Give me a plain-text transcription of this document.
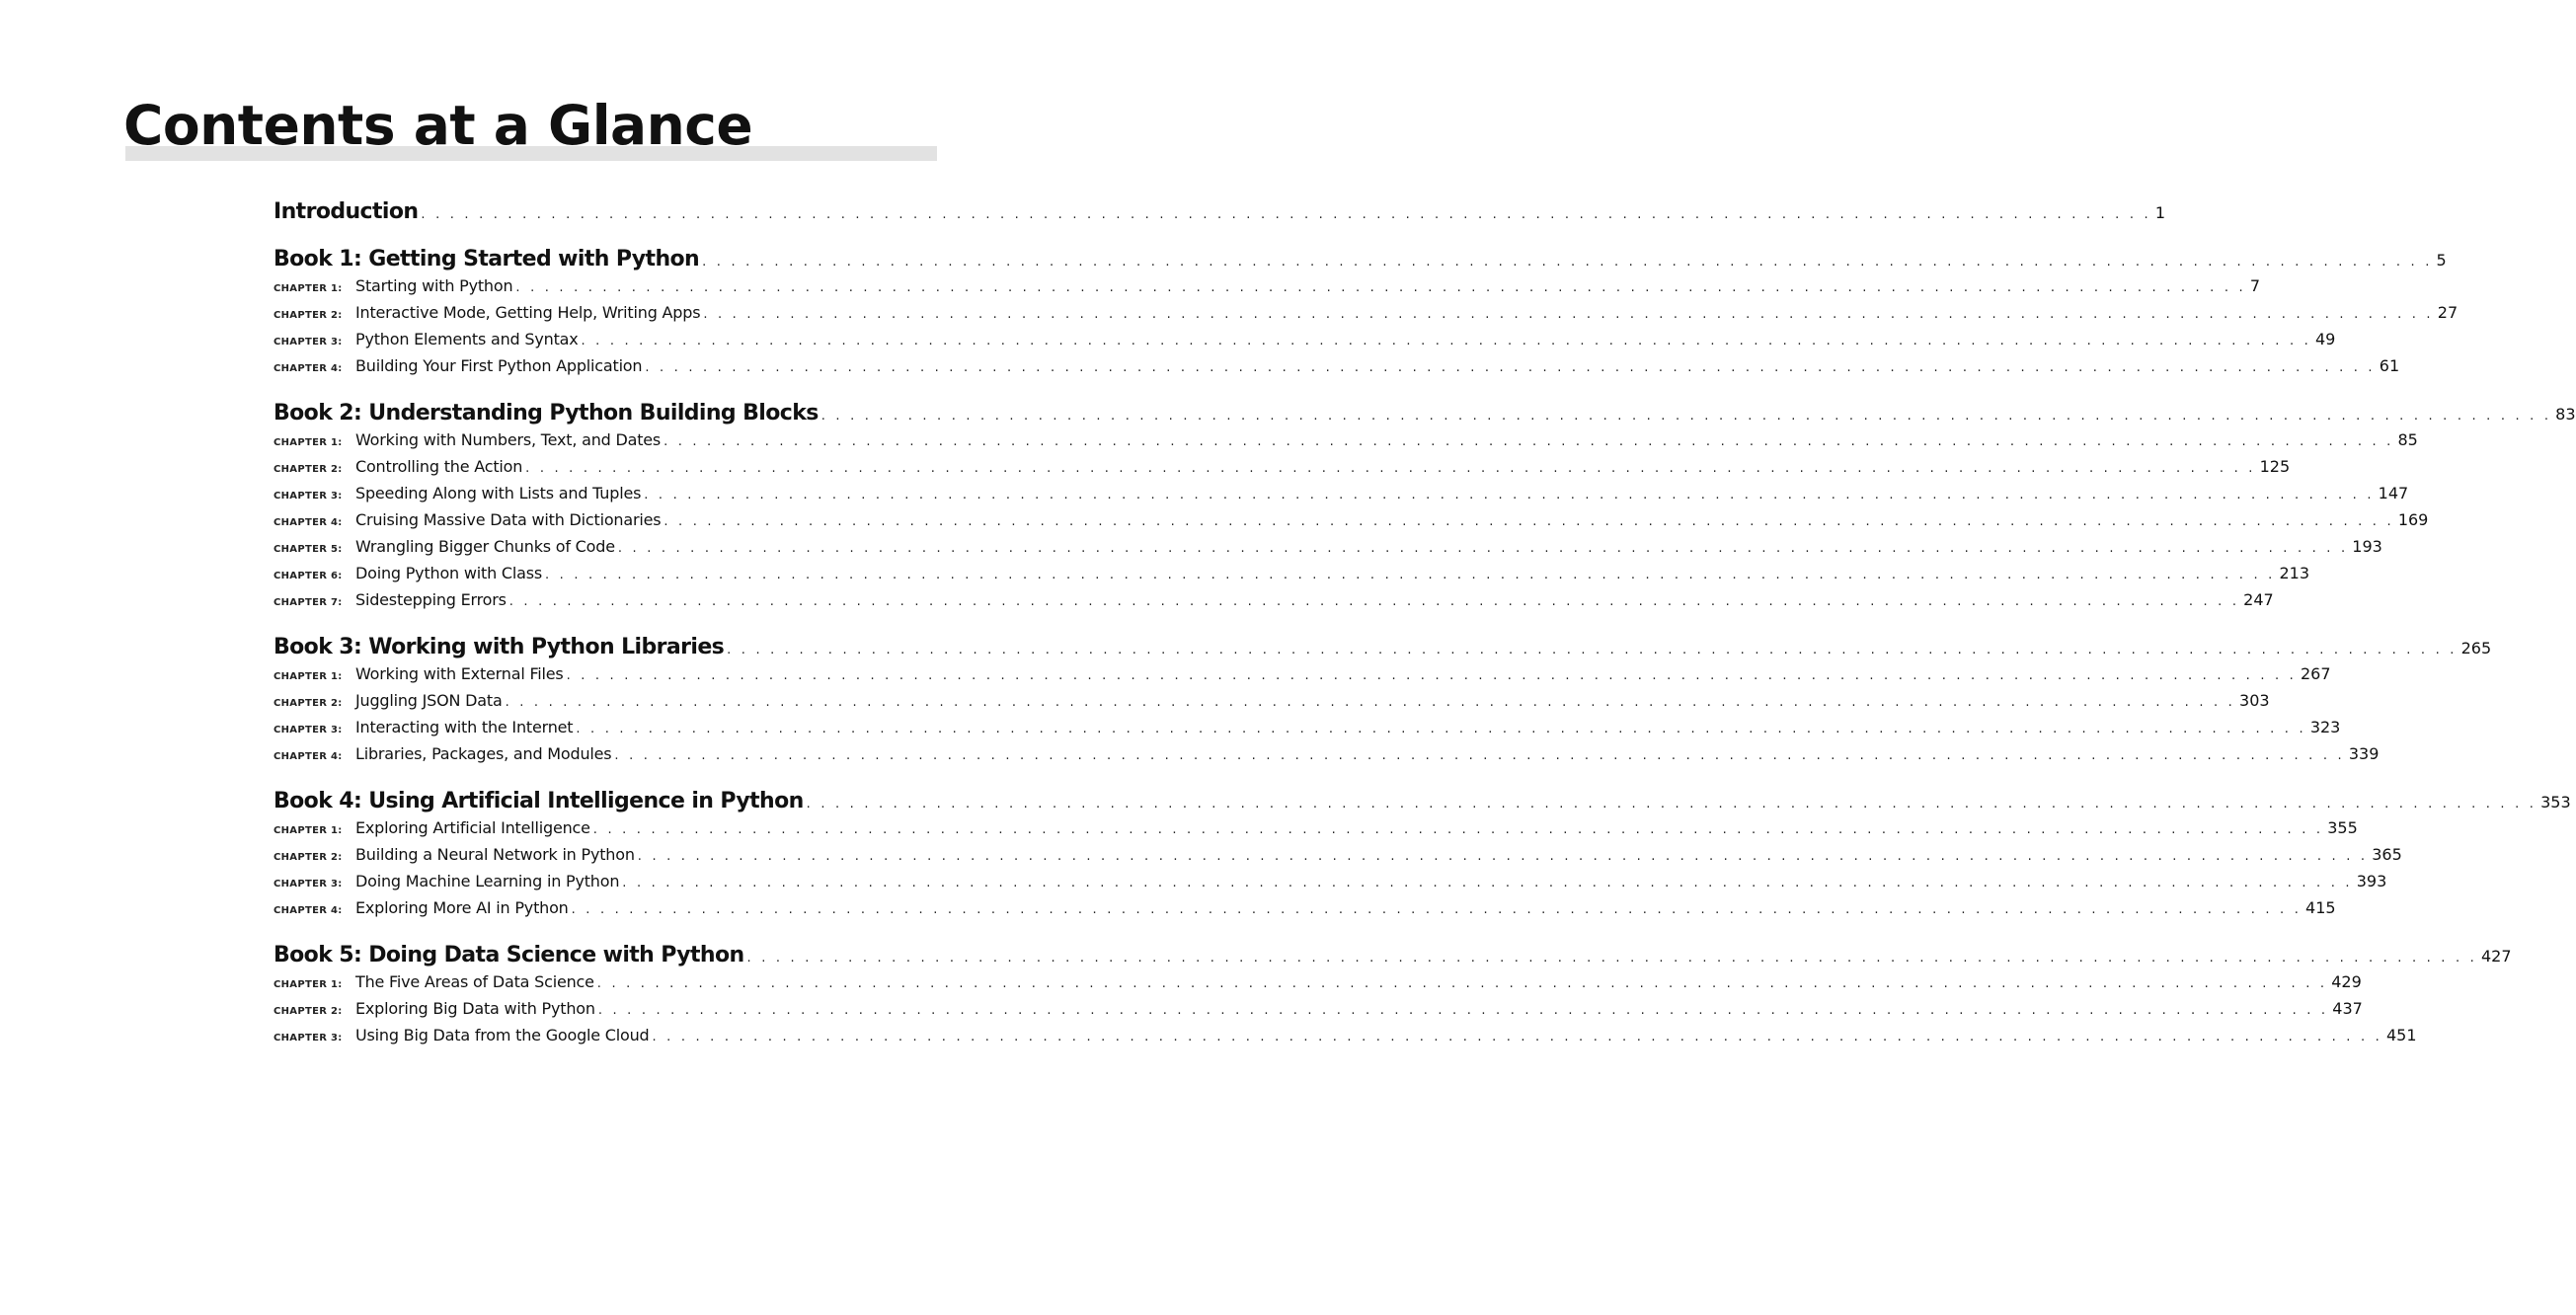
Contents at a Glance
Introduction . . . . . . . . . . . . . . . . . . . . . . . . . . . . . . . . . . . . . . . . . . . . . . . . . . . . . . . . . . . . . . . . . . . . . . . . . . . . . . . . . . . . . . . . . . . . . . . . . . . . . . . . . . . . . . . . . . . . . . . . 1
Book 1: Getting Started with Python . . . . . . . . . . . . . . . . . . . . . . . . . . . . . . . . . . . . . . . . . . . . . . . . . . . . . . . . . . . . . . . . . . . . . . . . . . . . . . . . . . . . . . . . . . . . . . . . . . . . . . . . . . . . . . . . . . . . . . . . 5
CHAPTER 1: Starting with Python . . . . . . . . . . . . . . . . . . . . . . . . . . . . . . . . . . . . . . . . . . . . . . . . . . . . . . . . . . . . . . . . . . . . . . . . . . . . . . . . . . . . . . . . . . . . . . . . . . . . . . . . . . . . . . . . . . . . . . . . 7
CHAPTER 2: Interactive Mode, Getting Help, Writing Apps . . . . . . . . . . . . . . . . . . . . . . . . . . . . . . . . . . . . . . . . . . . . . . . . . . . . . . . . . . . . . . . . . . . . . . . . . . . . . . . . . . . . . . . . . . . . . . . . . . . . . . . . . . . . . . . . . . . . . . . . 27
CHAPTER 3: Python Elements and Syntax . . . . . . . . . . . . . . . . . . . . . . . . . . . . . . . . . . . . . . . . . . . . . . . . . . . . . . . . . . . . . . . . . . . . . . . . . . . . . . . . . . . . . . . . . . . . . . . . . . . . . . . . . . . . . . . . . . . . . . . . 49
CHAPTER 4: Building Your First Python Application . . . . . . . . . . . . . . . . . . . . . . . . . . . . . . . . . . . . . . . . . . . . . . . . . . . . . . . . . . . . . . . . . . . . . . . . . . . . . . . . . . . . . . . . . . . . . . . . . . . . . . . . . . . . . . . . . . . . . . . . 61
Book 2: Understanding Python Building Blocks . . . . . . . . . . . . . . . . . . . . . . . . . . . . . . . . . . . . . . . . . . . . . . . . . . . . . . . . . . . . . . . . . . . . . . . . . . . . . . . . . . . . . . . . . . . . . . . . . . . . . . . . . . . . . . . . . . . . . . . . 83
CHAPTER 1: Working with Numbers, Text, and Dates . . . . . . . . . . . . . . . . . . . . . . . . . . . . . . . . . . . . . . . . . . . . . . . . . . . . . . . . . . . . . . . . . . . . . . . . . . . . . . . . . . . . . . . . . . . . . . . . . . . . . . . . . . . . . . . . . . . . . . . . 85
CHAPTER 2: Controlling the Action . . . . . . . . . . . . . . . . . . . . . . . . . . . . . . . . . . . . . . . . . . . . . . . . . . . . . . . . . . . . . . . . . . . . . . . . . . . . . . . . . . . . . . . . . . . . . . . . . . . . . . . . . . . . . . . . . . . . . . . . 125
CHAPTER 3: Speeding Along with Lists and Tuples . . . . . . . . . . . . . . . . . . . . . . . . . . . . . . . . . . . . . . . . . . . . . . . . . . . . . . . . . . . . . . . . . . . . . . . . . . . . . . . . . . . . . . . . . . . . . . . . . . . . . . . . . . . . . . . . . . . . . . . . 147
CHAPTER 4: Cruising Massive Data with Dictionaries . . . . . . . . . . . . . . . . . . . . . . . . . . . . . . . . . . . . . . . . . . . . . . . . . . . . . . . . . . . . . . . . . . . . . . . . . . . . . . . . . . . . . . . . . . . . . . . . . . . . . . . . . . . . . . . . . . . . . . . . 169
CHAPTER 5: Wrangling Bigger Chunks of Code . . . . . . . . . . . . . . . . . . . . . . . . . . . . . . . . . . . . . . . . . . . . . . . . . . . . . . . . . . . . . . . . . . . . . . . . . . . . . . . . . . . . . . . . . . . . . . . . . . . . . . . . . . . . . . . . . . . . . . . . 193
CHAPTER 6: Doing Python with Class . . . . . . . . . . . . . . . . . . . . . . . . . . . . . . . . . . . . . . . . . . . . . . . . . . . . . . . . . . . . . . . . . . . . . . . . . . . . . . . . . . . . . . . . . . . . . . . . . . . . . . . . . . . . . . . . . . . . . . . . 213
CHAPTER 7: Sidestepping Errors . . . . . . . . . . . . . . . . . . . . . . . . . . . . . . . . . . . . . . . . . . . . . . . . . . . . . . . . . . . . . . . . . . . . . . . . . . . . . . . . . . . . . . . . . . . . . . . . . . . . . . . . . . . . . . . . . . . . . . . . 247
Book 3: Working with Python Libraries . . . . . . . . . . . . . . . . . . . . . . . . . . . . . . . . . . . . . . . . . . . . . . . . . . . . . . . . . . . . . . . . . . . . . . . . . . . . . . . . . . . . . . . . . . . . . . . . . . . . . . . . . . . . . . . . . . . . . . . . 265
CHAPTER 1: Working with External Files . . . . . . . . . . . . . . . . . . . . . . . . . . . . . . . . . . . . . . . . . . . . . . . . . . . . . . . . . . . . . . . . . . . . . . . . . . . . . . . . . . . . . . . . . . . . . . . . . . . . . . . . . . . . . . . . . . . . . . . . 267
CHAPTER 2: Juggling JSON Data . . . . . . . . . . . . . . . . . . . . . . . . . . . . . . . . . . . . . . . . . . . . . . . . . . . . . . . . . . . . . . . . . . . . . . . . . . . . . . . . . . . . . . . . . . . . . . . . . . . . . . . . . . . . . . . . . . . . . . . . 303
CHAPTER 3: Interacting with the Internet . . . . . . . . . . . . . . . . . . . . . . . . . . . . . . . . . . . . . . . . . . . . . . . . . . . . . . . . . . . . . . . . . . . . . . . . . . . . . . . . . . . . . . . . . . . . . . . . . . . . . . . . . . . . . . . . . . . . . . . . 323
CHAPTER 4: Libraries, Packages, and Modules . . . . . . . . . . . . . . . . . . . . . . . . . . . . . . . . . . . . . . . . . . . . . . . . . . . . . . . . . . . . . . . . . . . . . . . . . . . . . . . . . . . . . . . . . . . . . . . . . . . . . . . . . . . . . . . . . . . . . . . . 339
Book 4: Using Artificial Intelligence in Python . . . . . . . . . . . . . . . . . . . . . . . . . . . . . . . . . . . . . . . . . . . . . . . . . . . . . . . . . . . . . . . . . . . . . . . . . . . . . . . . . . . . . . . . . . . . . . . . . . . . . . . . . . . . . . . . . . . . . . . . 353
CHAPTER 1: Exploring Artificial Intelligence . . . . . . . . . . . . . . . . . . . . . . . . . . . . . . . . . . . . . . . . . . . . . . . . . . . . . . . . . . . . . . . . . . . . . . . . . . . . . . . . . . . . . . . . . . . . . . . . . . . . . . . . . . . . . . . . . . . . . . . . 355
CHAPTER 2: Building a Neural Network in Python . . . . . . . . . . . . . . . . . . . . . . . . . . . . . . . . . . . . . . . . . . . . . . . . . . . . . . . . . . . . . . . . . . . . . . . . . . . . . . . . . . . . . . . . . . . . . . . . . . . . . . . . . . . . . . . . . . . . . . . . 365
CHAPTER 3: Doing Machine Learning in Python . . . . . . . . . . . . . . . . . . . . . . . . . . . . . . . . . . . . . . . . . . . . . . . . . . . . . . . . . . . . . . . . . . . . . . . . . . . . . . . . . . . . . . . . . . . . . . . . . . . . . . . . . . . . . . . . . . . . . . . . 393
CHAPTER 4: Exploring More AI in Python . . . . . . . . . . . . . . . . . . . . . . . . . . . . . . . . . . . . . . . . . . . . . . . . . . . . . . . . . . . . . . . . . . . . . . . . . . . . . . . . . . . . . . . . . . . . . . . . . . . . . . . . . . . . . . . . . . . . . . . . 415
Book 5: Doing Data Science with Python . . . . . . . . . . . . . . . . . . . . . . . . . . . . . . . . . . . . . . . . . . . . . . . . . . . . . . . . . . . . . . . . . . . . . . . . . . . . . . . . . . . . . . . . . . . . . . . . . . . . . . . . . . . . . . . . . . . . . . . . 427
CHAPTER 1: The Five Areas of Data Science . . . . . . . . . . . . . . . . . . . . . . . . . . . . . . . . . . . . . . . . . . . . . . . . . . . . . . . . . . . . . . . . . . . . . . . . . . . . . . . . . . . . . . . . . . . . . . . . . . . . . . . . . . . . . . . . . . . . . . . . 429
CHAPTER 2: Exploring Big Data with Python . . . . . . . . . . . . . . . . . . . . . . . . . . . . . . . . . . . . . . . . . . . . . . . . . . . . . . . . . . . . . . . . . . . . . . . . . . . . . . . . . . . . . . . . . . . . . . . . . . . . . . . . . . . . . . . . . . . . . . . . 437
CHAPTER 3: Using Big Data from the Google Cloud . . . . . . . . . . . . . . . . . . . . . . . . . . . . . . . . . . . . . . . . . . . . . . . . . . . . . . . . . . . . . . . . . . . . . . . . . . . . . . . . . . . . . . . . . . . . . . . . . . . . . . . . . . . . . . . . . . . . . . . . 451
